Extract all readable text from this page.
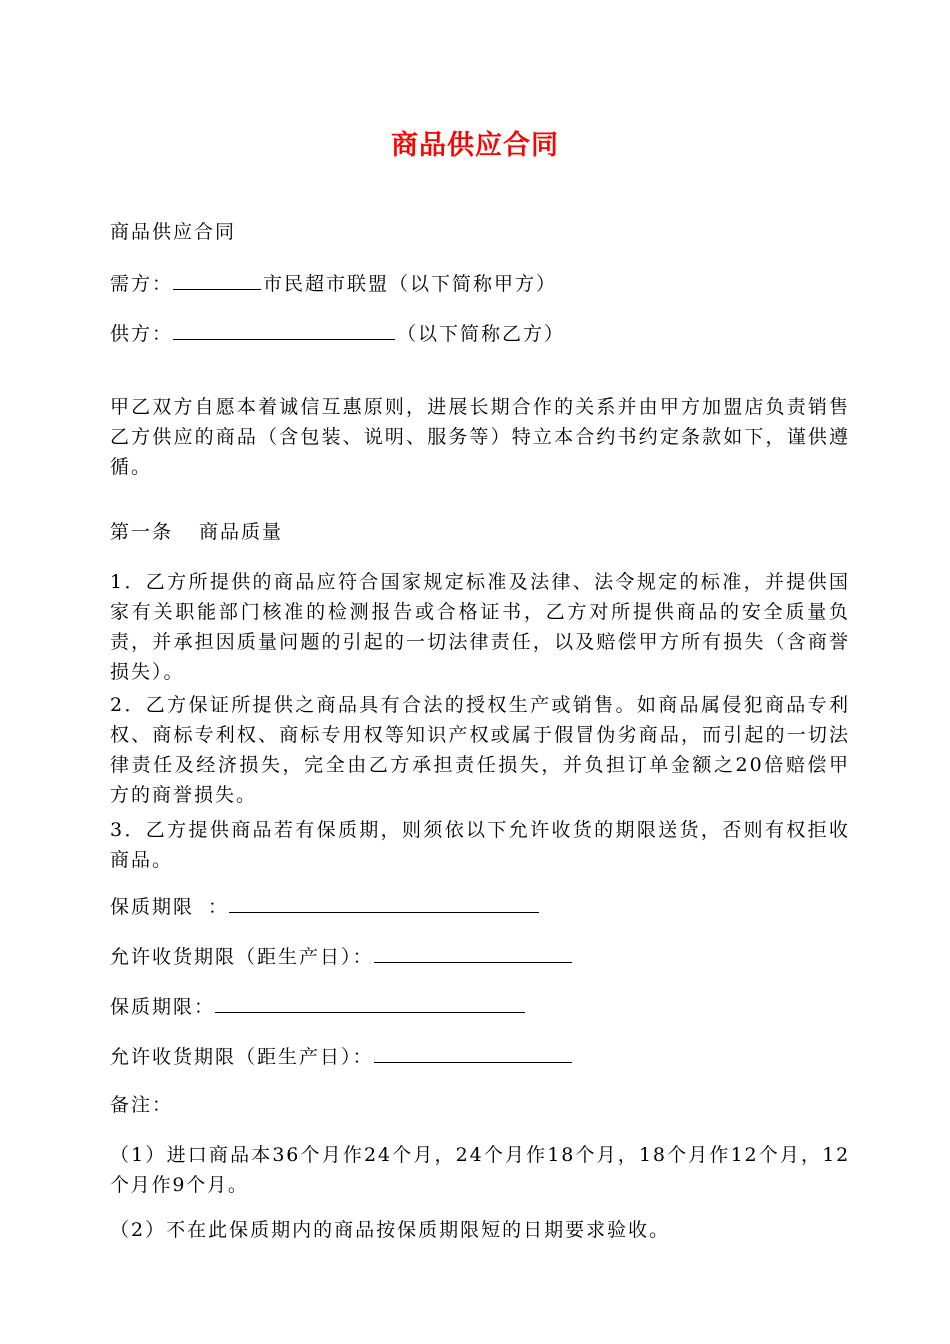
商品供应合同
商品供应合同
需方：	市民超市联盟（以下简称甲方）
供方：	（以下简称乙方）
甲乙双方自愿本着诚信互惠原则，进展长期合作的关系并由甲方加盟店负责销售乙方供应的商品（含包装、说明、服务等）特立本合约书约定条款如下，谨供遵循。
第一条 商品质量
1．乙方所提供的商品应符合国家规定标准及法律、法令规定的标准，并提供国家有关职能部门核准的检测报告或合格证书，乙方对所提供商品的安全质量负责，并承担因质量问题的引起的一切法律责任，以及赔偿甲方所有损失（含商誉损失）。
2．乙方保证所提供之商品具有合法的授权生产或销售。如商品属侵犯商品专利权、商标专利权、商标专用权等知识产权或属于假冒伪劣商品，而引起的一切法律责任及经济损失，完全由乙方承担责任损失，并负担订单金额之20倍赔偿甲方的商誉损失。
3．乙方提供商品若有保质期，则须依以下允许收货的期限送货，否则有权拒收商品。
保质期限 ：
允许收货期限（距生产日）：
保质期限：
允许收货期限（距生产日）：
备注：
（1）进口商品本36个月作24个月，24个月作18个月，18个月作12个月，12个月作9个月。
（2）不在此保质期内的商品按保质期限短的日期要求验收。
